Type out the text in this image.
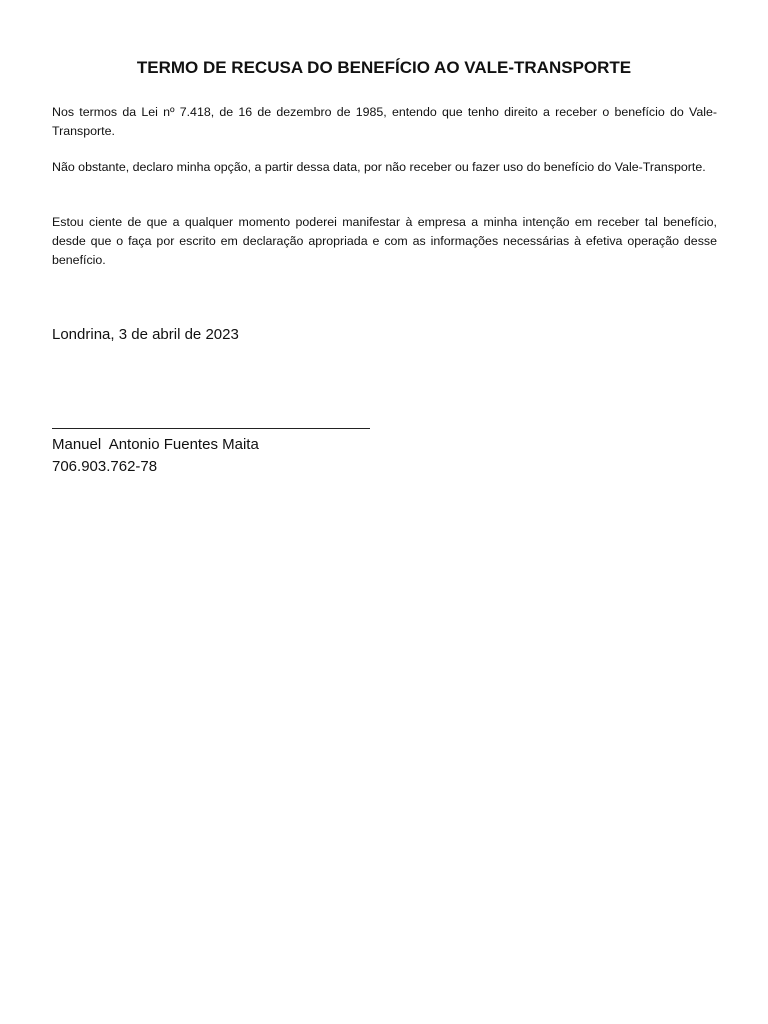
TERMO DE RECUSA DO BENEFÍCIO AO VALE-TRANSPORTE

Nos termos da Lei nº 7.418, de 16 de dezembro de 1985, entendo que tenho direito a receber o benefício do Vale-Transporte.

Não obstante, declaro minha opção, a partir dessa data, por não receber ou fazer uso do benefício do Vale-Transporte.

Estou ciente de que a qualquer momento poderei manifestar à empresa a minha intenção em receber tal benefício, desde que o faça por escrito em declaração apropriada e com as informações necessárias à efetiva operação desse benefício.

Londrina, 3 de abril de 2023

Manuel  Antonio Fuentes Maita

706.903.762-78
